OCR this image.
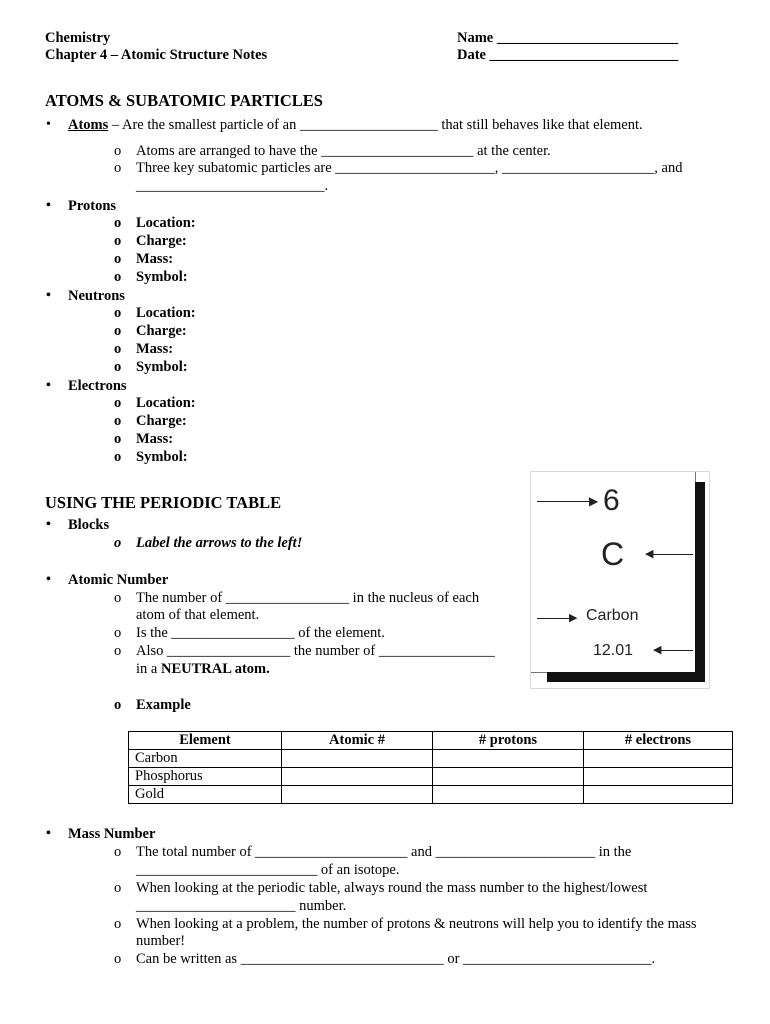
Chemistry
Chapter 4 – Atomic Structure Notes
Name _________________________
Date __________________________
ATOMS & SUBATOMIC PARTICLES
• Atoms – Are the smallest particle of an ___________________ that still behaves like that element.
o Atoms are arranged to have the _____________________ at the center.
o Three key subatomic particles are ______________________, _____________________, and
__________________________.
• Protons
o Location:
o Charge:
o Mass:
o Symbol:
• Neutrons
o Location:
o Charge:
o Mass:
o Symbol:
• Electrons
o Location:
o Charge:
o Mass:
o Symbol:
USING THE PERIODIC TABLE
• Blocks
o Label the arrows to the left!
• Atomic Number
o The number of _________________ in the nucleus of each
atom of that element.
o Is the _________________ of the element.
o Also _________________ the number of ________________
in a NEUTRAL atom.
o Example
▶ 6
C ◀
▶ Carbon
12.01 ◀
Element	Atomic #	# protons	# electrons
Carbon			
Phosphorus			
Gold			
• Mass Number
o The total number of _____________________ and ______________________ in the
_________________________ of an isotope.
o When looking at the periodic table, always round the mass number to the highest/lowest
______________________ number.
o When looking at a problem, the number of protons & neutrons will help you to identify the mass
number!
o Can be written as ____________________________ or __________________________.
